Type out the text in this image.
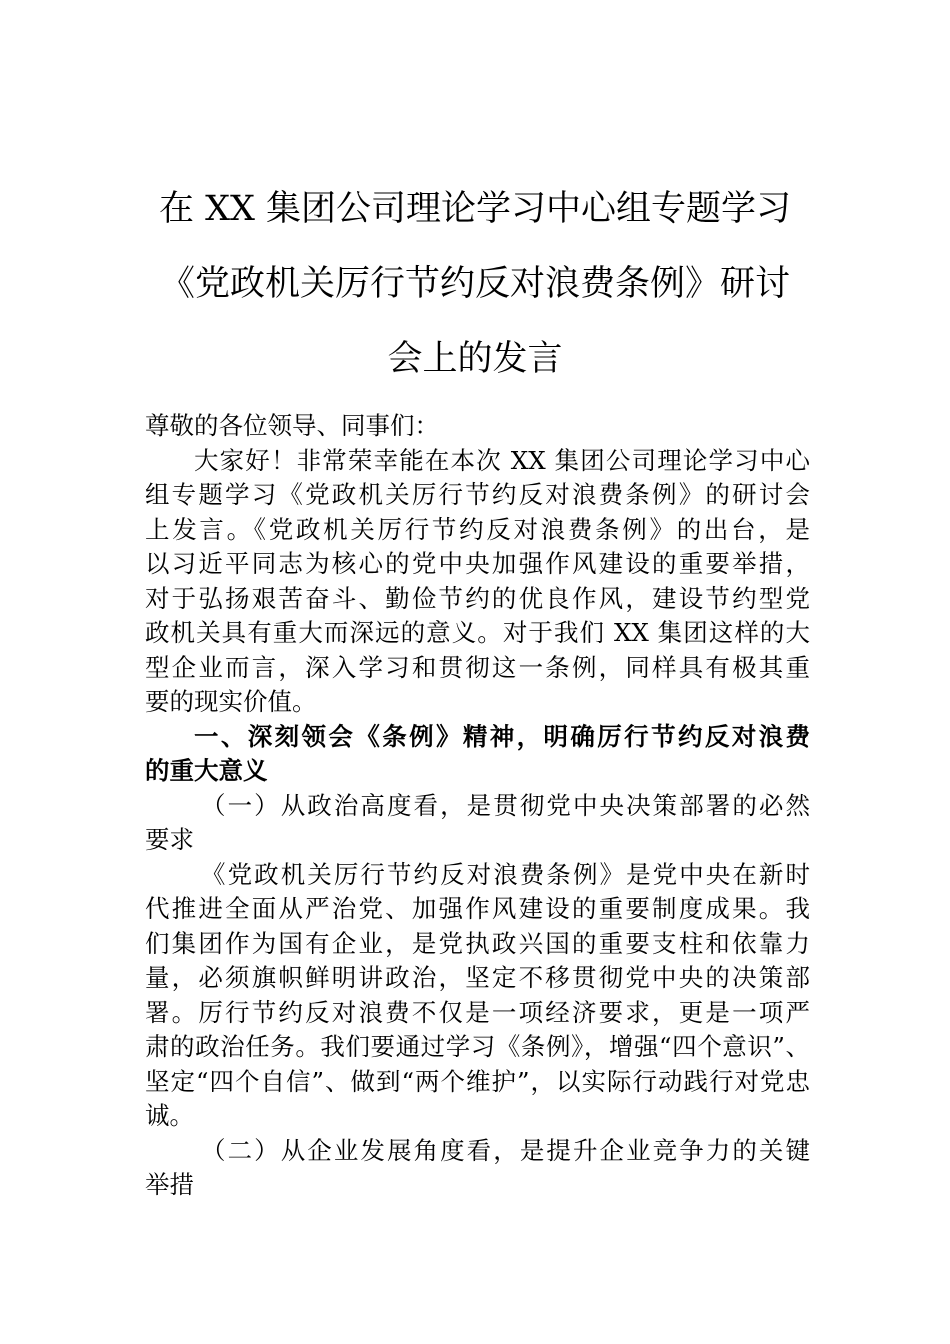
在 XX 集团公司理论学习中心组专题学习
《党政机关厉行节约反对浪费条例》研讨
会上的发言

尊敬的各位领导、同事们：

大家好！非常荣幸能在本次 XX 集团公司理论学习中心
组专题学习《党政机关厉行节约反对浪费条例》的研讨会
上发言。《党政机关厉行节约反对浪费条例》的出台，是
以习近平同志为核心的党中央加强作风建设的重要举措，
对于弘扬艰苦奋斗、勤俭节约的优良作风，建设节约型党
政机关具有重大而深远的意义。对于我们 XX 集团这样的大
型企业而言，深入学习和贯彻这一条例，同样具有极其重
要的现实价值。
一、深刻领会《条例》精神，明确厉行节约反对浪费
的重大意义
（一）从政治高度看，是贯彻党中央决策部署的必然
要求
《党政机关厉行节约反对浪费条例》是党中央在新时
代推进全面从严治党、加强作风建设的重要制度成果。我
们集团作为国有企业，是党执政兴国的重要支柱和依靠力
量，必须旗帜鲜明讲政治，坚定不移贯彻党中央的决策部
署。厉行节约反对浪费不仅是一项经济要求，更是一项严
肃的政治任务。我们要通过学习《条例》，增强“四个意识”、
坚定“四个自信”、做到“两个维护”，以实际行动践行对党忠
诚。
（二）从企业发展角度看，是提升企业竞争力的关键
举措
